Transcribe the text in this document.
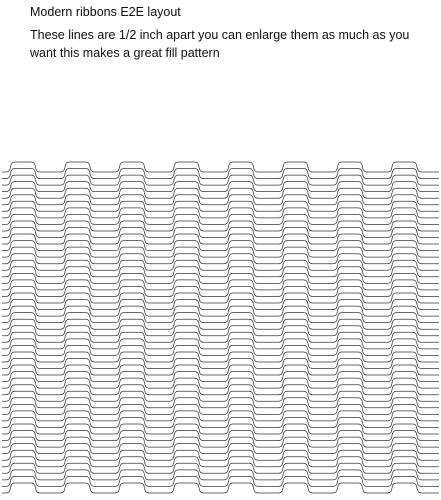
Modern ribbons E2E layout
These lines are 1/2 inch apart you can enlarge them as much as you want this makes a great fill pattern
